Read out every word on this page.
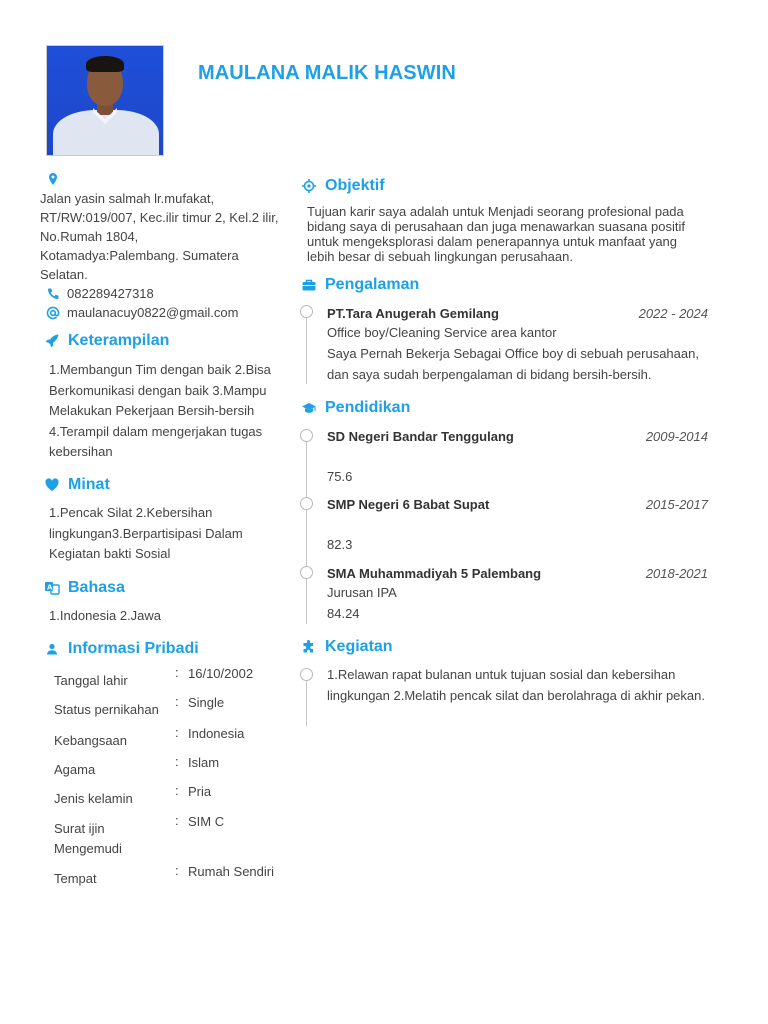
MAULANA MALIK HASWIN
Jalan yasin salmah lr.mufakat, RT/RW:019/007, Kec.ilir timur 2, Kel.2 ilir, No.Rumah 1804, Kotamadya:Palembang. Sumatera Selatan.
082289427318
maulanacuy0822@gmail.com
Keterampilan
1.Membangun Tim dengan baik 2.Bisa Berkomunikasi dengan baik 3.Mampu Melakukan Pekerjaan Bersih-bersih 4.Terampil dalam mengerjakan tugas kebersihan
Minat
1.Pencak Silat 2.Kebersihan lingkungan3.Berpartisipasi Dalam Kegiatan bakti Sosial
A Bahasa
1.Indonesia 2.Jawa
Informasi Pribadi
Tanggal lahir
: 16/10/2002
Status pernikahan
: Single
Kebangsaan
: Indonesia
Agama
: Islam
Jenis kelamin
: Pria
Surat ijin Mengemudi
: SIM C
Tempat
: Rumah Sendiri
Objektif
Tujuan karir saya adalah untuk Menjadi seorang profesional pada bidang saya di perusahaan dan juga menawarkan suasana positif untuk mengeksplorasi dalam penerapannya untuk manfaat yang lebih besar di sebuah lingkungan perusahaan.
Pengalaman
PT.Tara Anugerah Gemilang	2022 - 2024
Office boy/Cleaning Service area kantor
Saya Pernah Bekerja Sebagai Office boy di sebuah perusahaan, dan saya sudah berpengalaman di bidang bersih-bersih.
Pendidikan
SD Negeri Bandar Tenggulang	2009-2014
75.6
SMP Negeri 6 Babat Supat	2015-2017
82.3
SMA Muhammadiyah 5 Palembang	2018-2021
Jurusan IPA
84.24
Kegiatan
1.Relawan rapat bulanan untuk tujuan sosial dan kebersihan lingkungan 2.Melatih pencak silat dan berolahraga di akhir pekan.
